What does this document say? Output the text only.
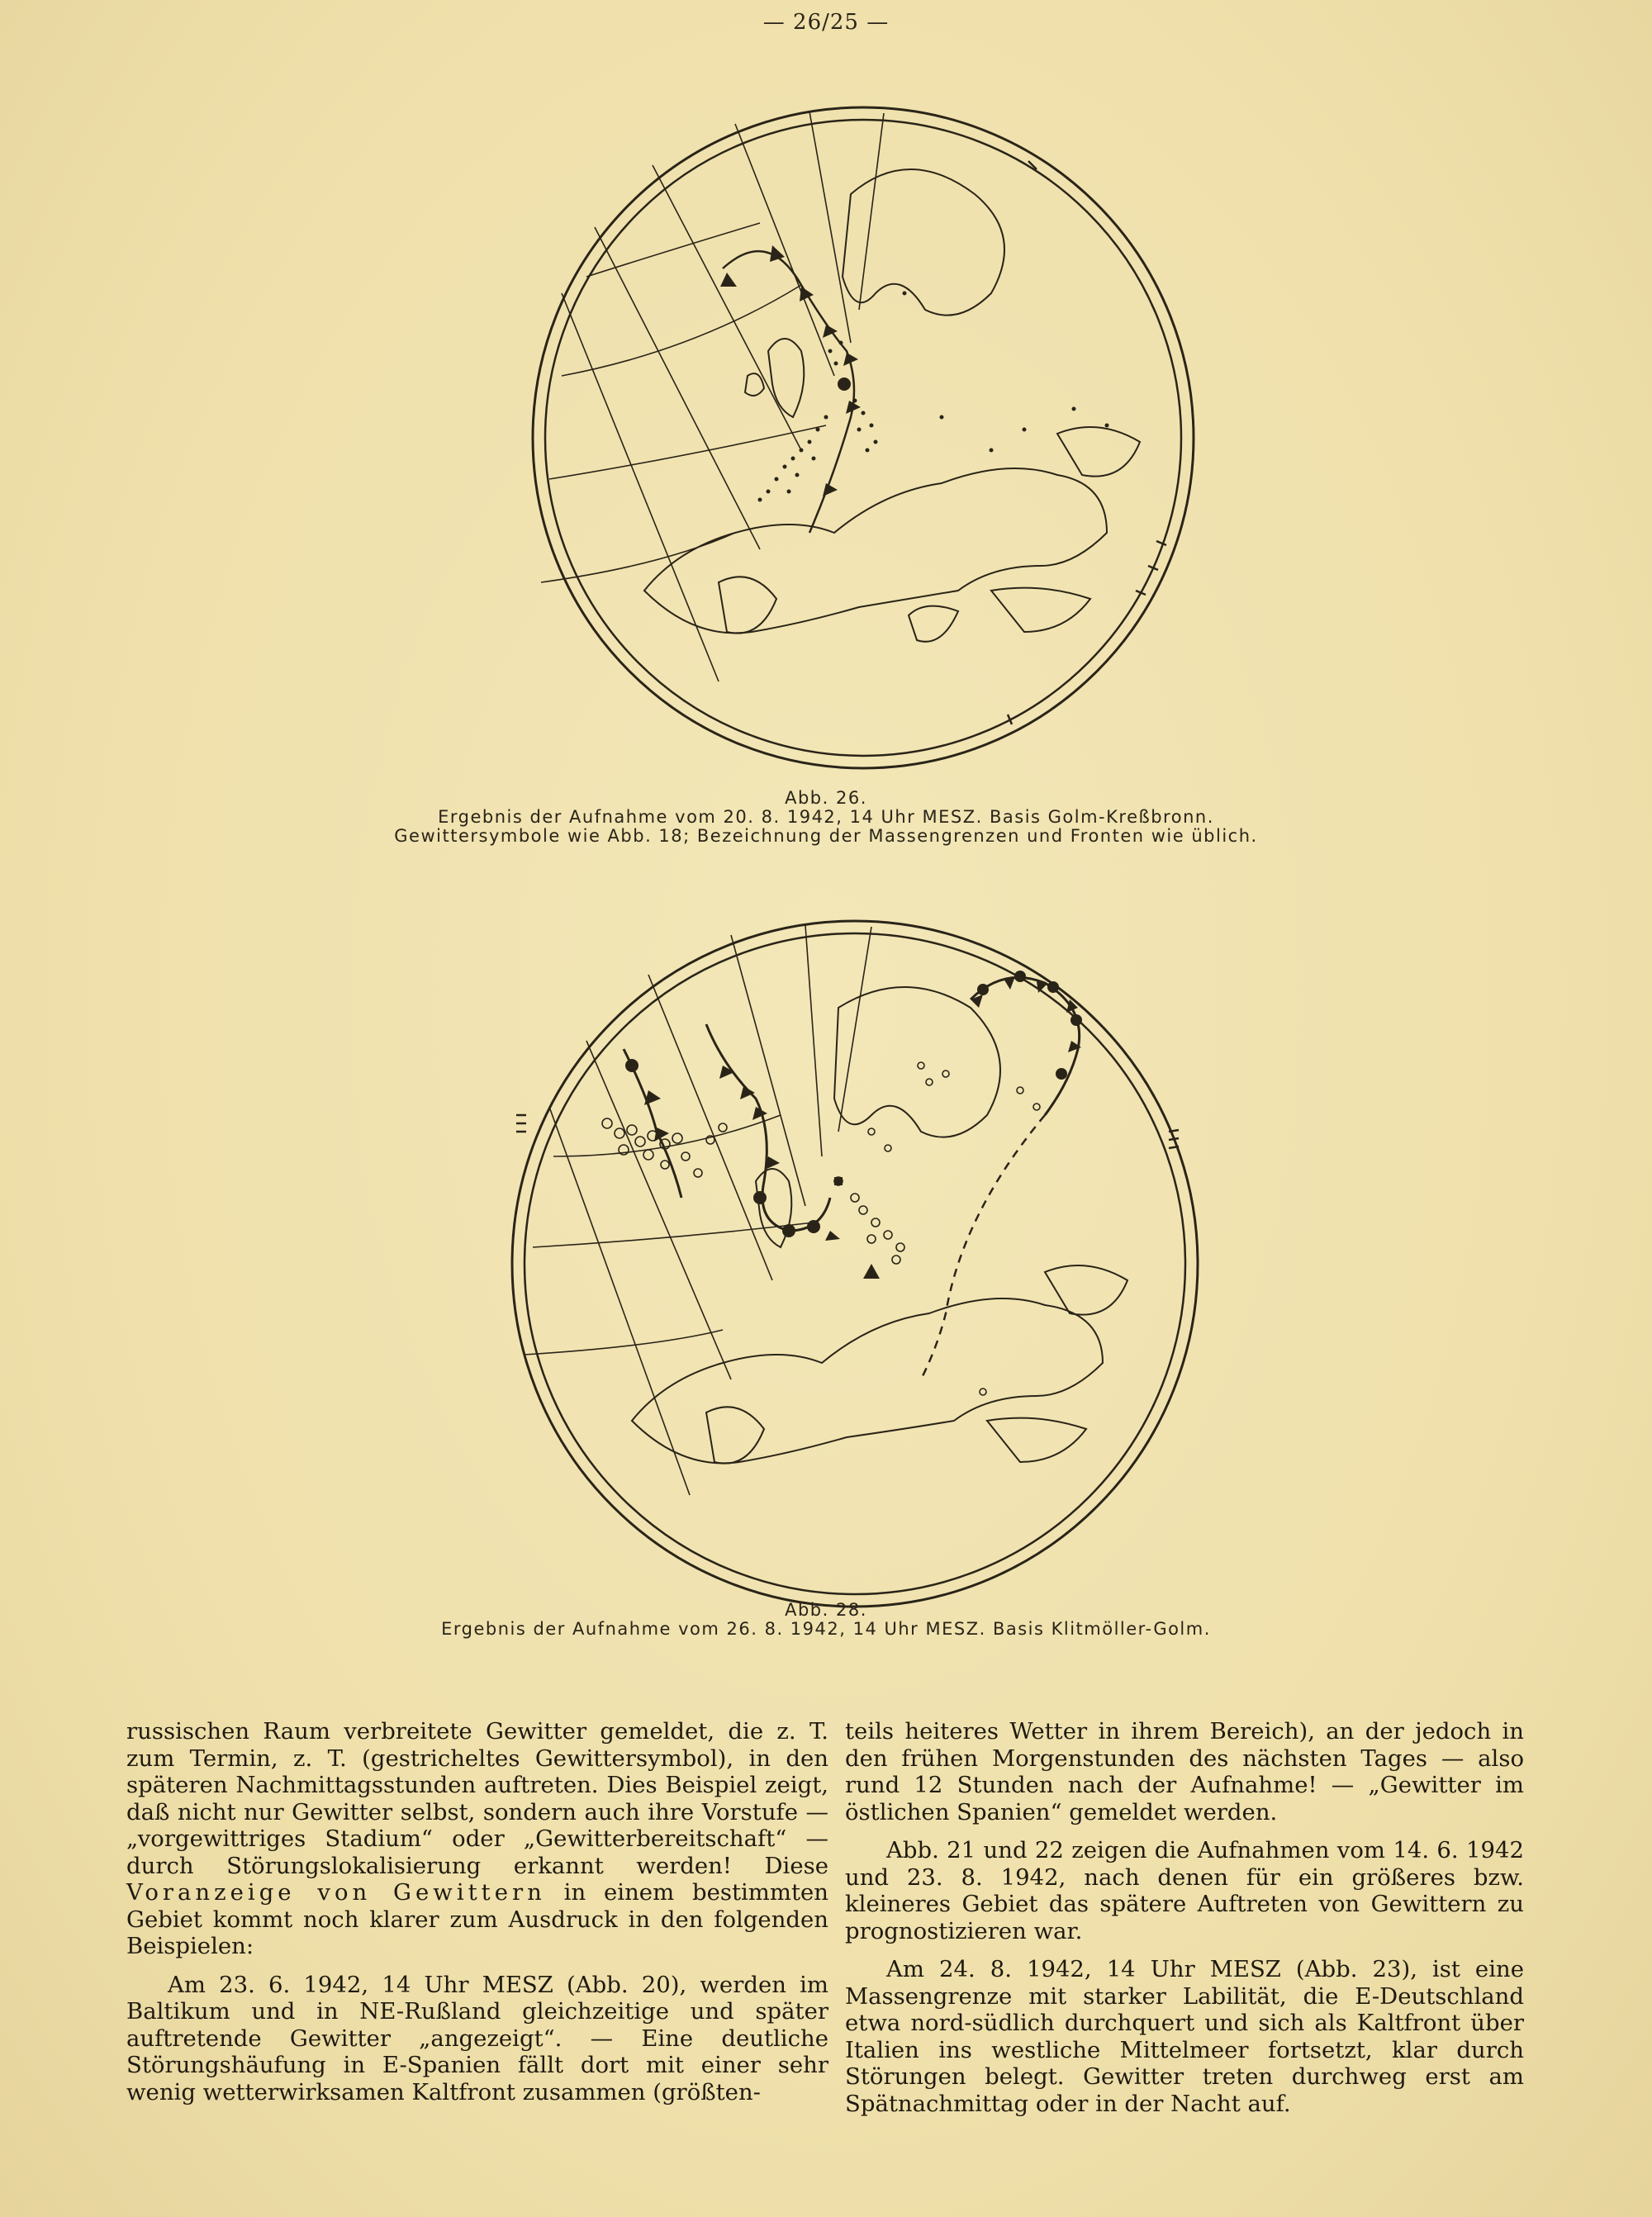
— 26/25 —
Abb. 26.
Ergebnis der Aufnahme vom 20. 8. 1942, 14 Uhr MESZ. Basis Golm-Kreßbronn.
Gewittersymbole wie Abb. 18; Bezeichnung der Massengrenzen und Fronten wie üblich.
Abb. 28.
Ergebnis der Aufnahme vom 26. 8. 1942, 14 Uhr MESZ. Basis Klitmöller-Golm.

russischen Raum verbreitete Gewitter gemeldet, die z. T. zum Termin, z. T. (gestricheltes Gewittersymbol), in den späteren Nachmittagsstunden auftreten. Dies Beispiel zeigt, daß nicht nur Gewitter selbst, sondern auch ihre Vorstufe — „vorgewittriges Stadium“ oder „Gewitterbereitschaft“ — durch Störungslokalisierung erkannt werden! Diese Voranzeige von Gewittern in einem bestimmten Gebiet kommt noch klarer zum Ausdruck in den folgenden Beispielen:

Am 23. 6. 1942, 14 Uhr MESZ (Abb. 20), werden im Baltikum und in NE-Rußland gleichzeitige und später auftretende Gewitter „angezeigt“. — Eine deutliche Störungshäufung in E-Spanien fällt dort mit einer sehr wenig wetterwirksamen Kaltfront zusammen (größten-

teils heiteres Wetter in ihrem Bereich), an der jedoch in den frühen Morgenstunden des nächsten Tages — also rund 12 Stunden nach der Aufnahme! — „Gewitter im östlichen Spanien“ gemeldet werden.

Abb. 21 und 22 zeigen die Aufnahmen vom 14. 6. 1942 und 23. 8. 1942, nach denen für ein größeres bzw. kleineres Gebiet das spätere Auftreten von Gewittern zu prognostizieren war.

Am 24. 8. 1942, 14 Uhr MESZ (Abb. 23), ist eine Massengrenze mit starker Labilität, die E-Deutschland etwa nord-südlich durchquert und sich als Kaltfront über Italien ins westliche Mittelmeer fortsetzt, klar durch Störungen belegt. Gewitter treten durchweg erst am Spätnachmittag oder in der Nacht auf.
